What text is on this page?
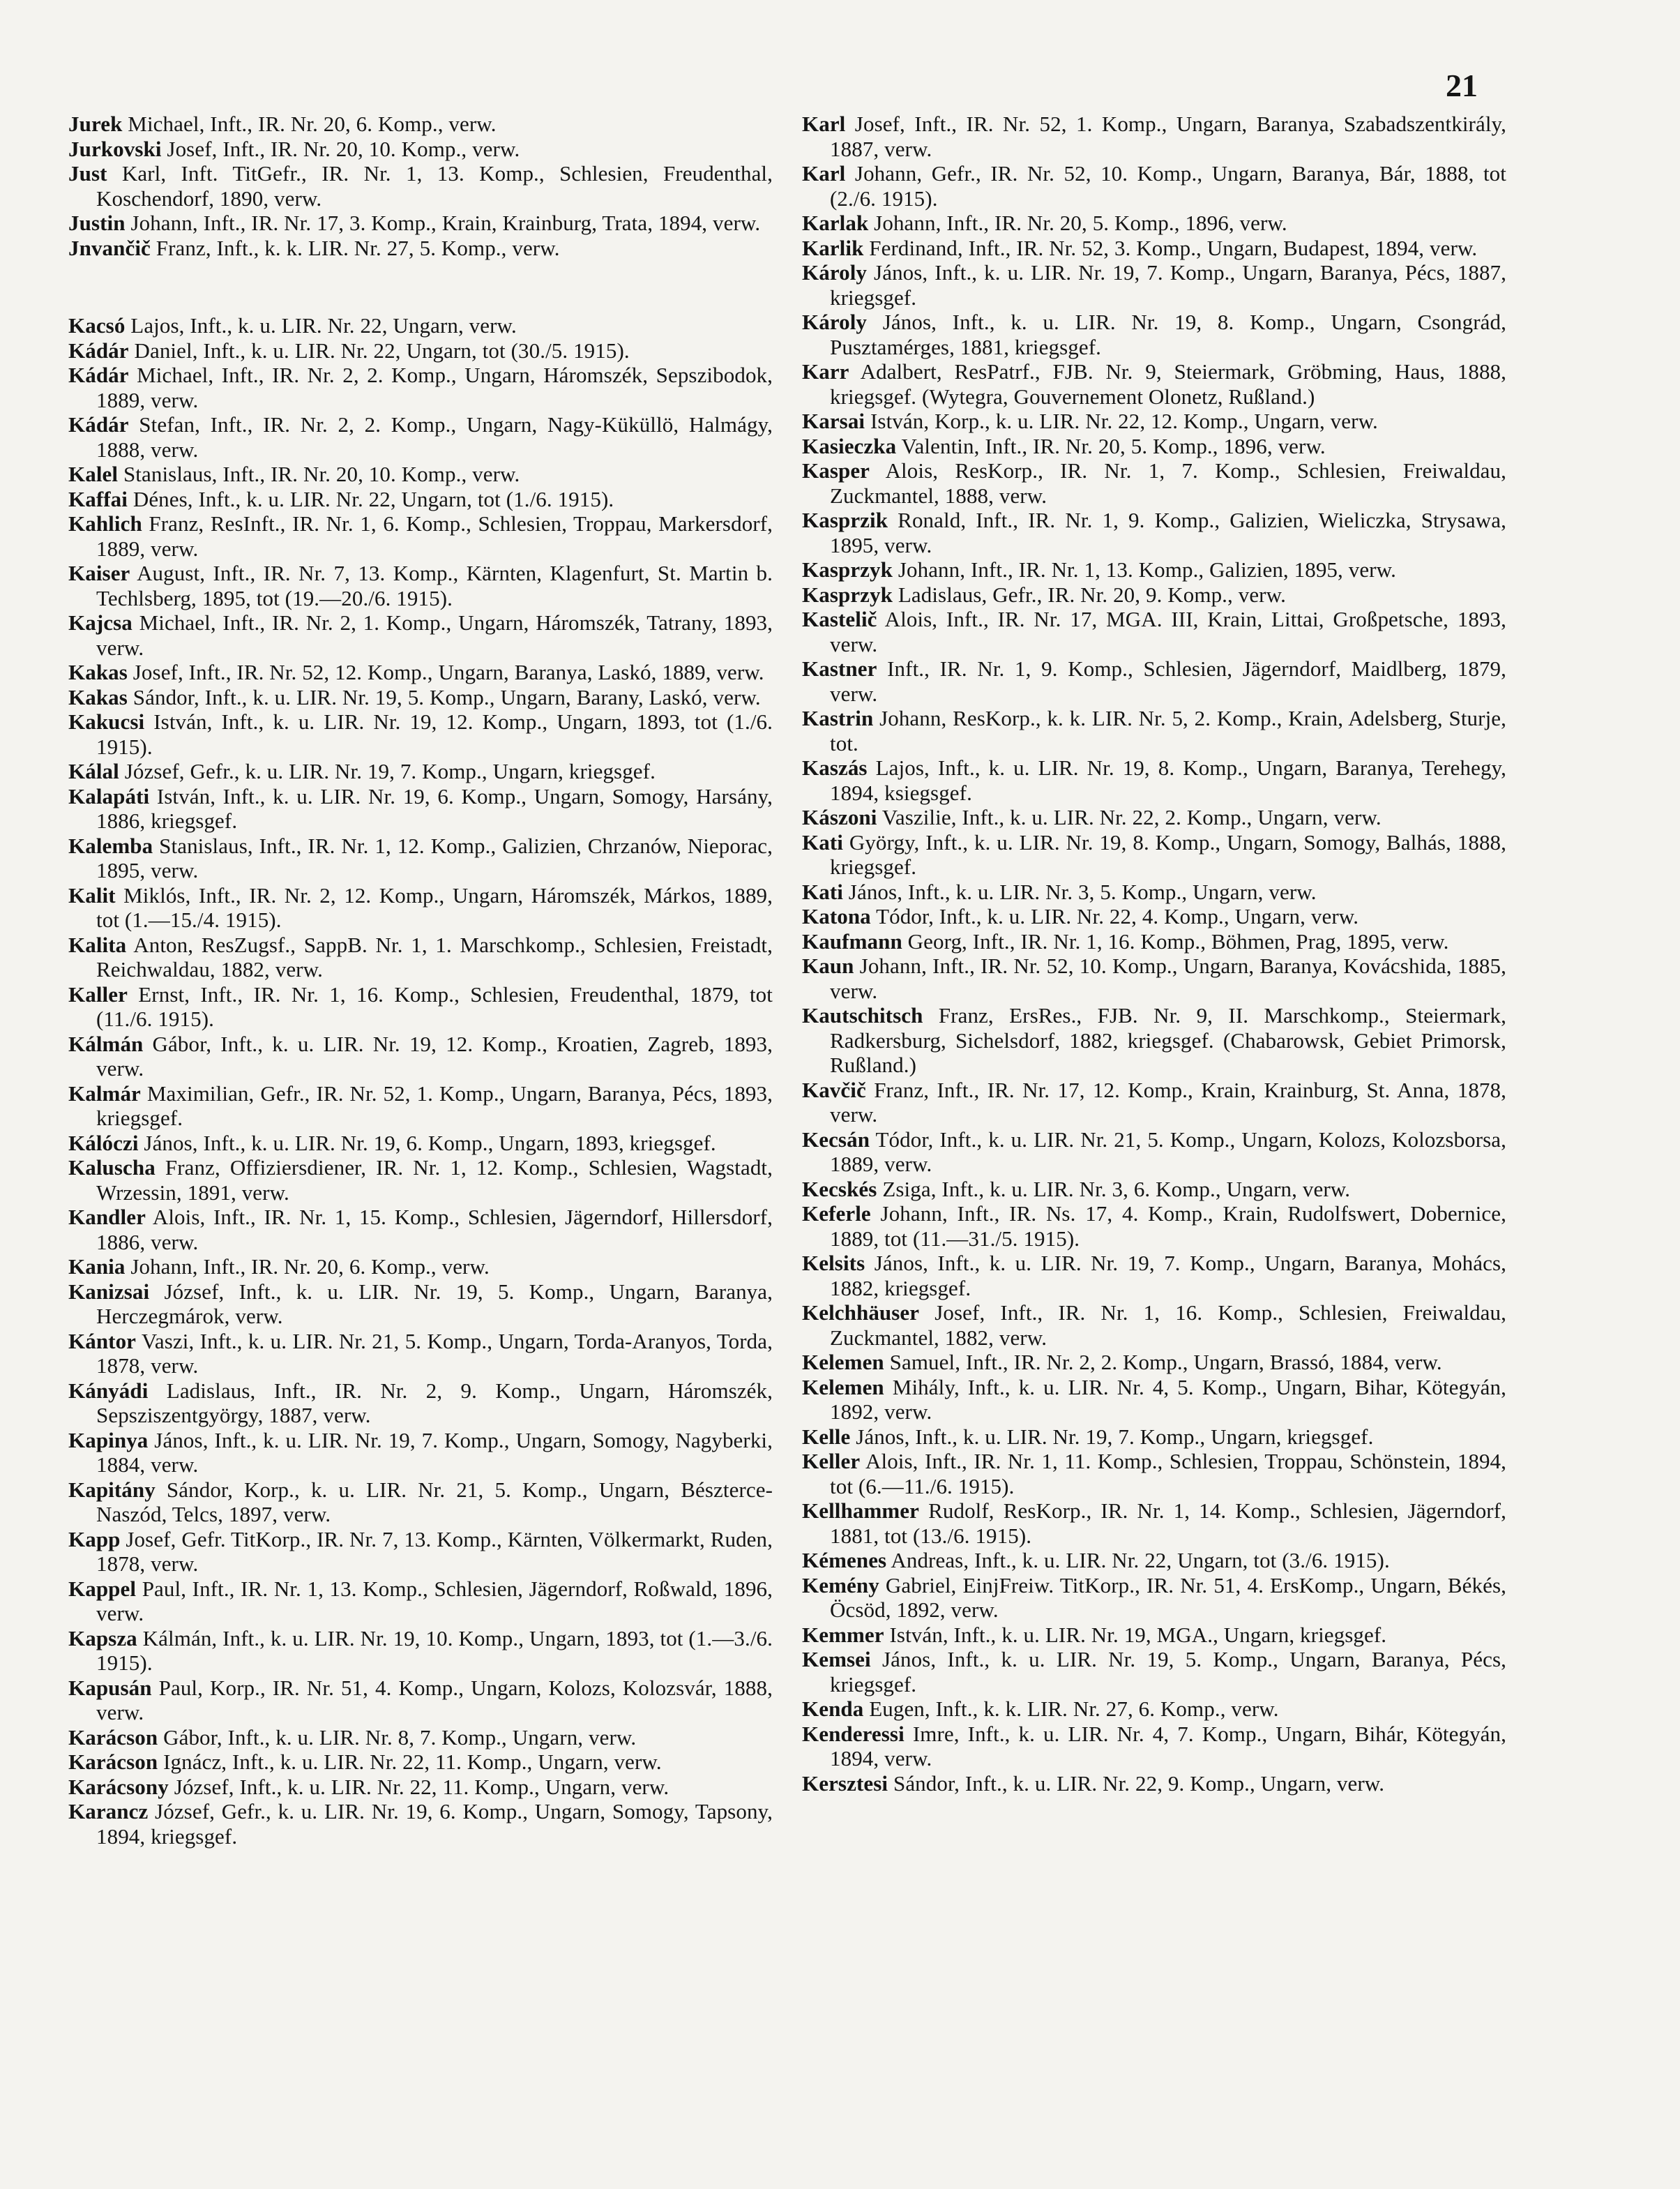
21

Jurek Michael, Inft., IR. Nr. 20, 6. Komp., verw.

Jurkovski Josef, Inft., IR. Nr. 20, 10. Komp., verw.

Just Karl, Inft. TitGefr., IR. Nr. 1, 13. Komp., Schlesien, Freudenthal, Koschendorf, 1890, verw.

Justin Johann, Inft., IR. Nr. 17, 3. Komp., Krain, Krainburg, Trata, 1894, verw.

Jnvančič Franz, Inft., k. k. LIR. Nr. 27, 5. Komp., verw.

Kacsó Lajos, Inft., k. u. LIR. Nr. 22, Ungarn, verw.

Kádár Daniel, Inft., k. u. LIR. Nr. 22, Ungarn, tot (30./5. 1915).

Kádár Michael, Inft., IR. Nr. 2, 2. Komp., Ungarn, Háromszék, Sepszibodok, 1889, verw.

Kádár Stefan, Inft., IR. Nr. 2, 2. Komp., Ungarn, Nagy-Küküllö, Halmágy, 1888, verw.

Kalel Stanislaus, Inft., IR. Nr. 20, 10. Komp., verw.

Kaffai Dénes, Inft., k. u. LIR. Nr. 22, Ungarn, tot (1./6. 1915).

Kahlich Franz, ResInft., IR. Nr. 1, 6. Komp., Schlesien, Troppau, Markersdorf, 1889, verw.

Kaiser August, Inft., IR. Nr. 7, 13. Komp., Kärnten, Klagenfurt, St. Martin b. Techlsberg, 1895, tot (19.—20./6. 1915).

Kajcsa Michael, Inft., IR. Nr. 2, 1. Komp., Ungarn, Háromszék, Tatrany, 1893, verw.

Kakas Josef, Inft., IR. Nr. 52, 12. Komp., Ungarn, Baranya, Laskó, 1889, verw.

Kakas Sándor, Inft., k. u. LIR. Nr. 19, 5. Komp., Ungarn, Barany, Laskó, verw.

Kakucsi István, Inft., k. u. LIR. Nr. 19, 12. Komp., Ungarn, 1893, tot (1./6. 1915).

Kálal József, Gefr., k. u. LIR. Nr. 19, 7. Komp., Ungarn, kriegsgef.

Kalapáti István, Inft., k. u. LIR. Nr. 19, 6. Komp., Ungarn, Somogy, Harsány, 1886, kriegsgef.

Kalemba Stanislaus, Inft., IR. Nr. 1, 12. Komp., Galizien, Chrzanów, Nieporac, 1895, verw.

Kalit Miklós, Inft., IR. Nr. 2, 12. Komp., Ungarn, Háromszék, Márkos, 1889, tot (1.—15./4. 1915).

Kalita Anton, ResZugsf., SappB. Nr. 1, 1. Marschkomp., Schlesien, Freistadt, Reichwaldau, 1882, verw.

Kaller Ernst, Inft., IR. Nr. 1, 16. Komp., Schlesien, Freudenthal, 1879, tot (11./6. 1915).

Kálmán Gábor, Inft., k. u. LIR. Nr. 19, 12. Komp., Kroatien, Zagreb, 1893, verw.

Kalmár Maximilian, Gefr., IR. Nr. 52, 1. Komp., Ungarn, Baranya, Pécs, 1893, kriegsgef.

Kálóczi János, Inft., k. u. LIR. Nr. 19, 6. Komp., Ungarn, 1893, kriegsgef.

Kaluscha Franz, Offiziersdiener, IR. Nr. 1, 12. Komp., Schlesien, Wagstadt, Wrzessin, 1891, verw.

Kandler Alois, Inft., IR. Nr. 1, 15. Komp., Schlesien, Jägerndorf, Hillersdorf, 1886, verw.

Kania Johann, Inft., IR. Nr. 20, 6. Komp., verw.

Kanizsai József, Inft., k. u. LIR. Nr. 19, 5. Komp., Ungarn, Baranya, Herczegmárok, verw.

Kántor Vaszi, Inft., k. u. LIR. Nr. 21, 5. Komp., Ungarn, Torda-Aranyos, Torda, 1878, verw.

Kányádi Ladislaus, Inft., IR. Nr. 2, 9. Komp., Ungarn, Háromszék, Sepsziszentgyörgy, 1887, verw.

Kapinya János, Inft., k. u. LIR. Nr. 19, 7. Komp., Ungarn, Somogy, Nagyberki, 1884, verw.

Kapitány Sándor, Korp., k. u. LIR. Nr. 21, 5. Komp., Ungarn, Bészterce-Naszód, Telcs, 1897, verw.

Kapp Josef, Gefr. TitKorp., IR. Nr. 7, 13. Komp., Kärnten, Völkermarkt, Ruden, 1878, verw.

Kappel Paul, Inft., IR. Nr. 1, 13. Komp., Schlesien, Jägerndorf, Roßwald, 1896, verw.

Kapsza Kálmán, Inft., k. u. LIR. Nr. 19, 10. Komp., Ungarn, 1893, tot (1.—3./6. 1915).

Kapusán Paul, Korp., IR. Nr. 51, 4. Komp., Ungarn, Kolozs, Kolozsvár, 1888, verw.

Karácson Gábor, Inft., k. u. LIR. Nr. 8, 7. Komp., Ungarn, verw.

Karácson Ignácz, Inft., k. u. LIR. Nr. 22, 11. Komp., Ungarn, verw.

Karácsony József, Inft., k. u. LIR. Nr. 22, 11. Komp., Ungarn, verw.

Karancz József, Gefr., k. u. LIR. Nr. 19, 6. Komp., Ungarn, Somogy, Tapsony, 1894, kriegsgef.

Karl Josef, Inft., IR. Nr. 52, 1. Komp., Ungarn, Baranya, Szabadszentkirály, 1887, verw.

Karl Johann, Gefr., IR. Nr. 52, 10. Komp., Ungarn, Baranya, Bár, 1888, tot (2./6. 1915).

Karlak Johann, Inft., IR. Nr. 20, 5. Komp., 1896, verw.

Karlik Ferdinand, Inft., IR. Nr. 52, 3. Komp., Ungarn, Budapest, 1894, verw.

Károly János, Inft., k. u. LIR. Nr. 19, 7. Komp., Ungarn, Baranya, Pécs, 1887, kriegsgef.

Károly János, Inft., k. u. LIR. Nr. 19, 8. Komp., Ungarn, Csongrád, Pusztamérges, 1881, kriegsgef.

Karr Adalbert, ResPatrf., FJB. Nr. 9, Steiermark, Gröbming, Haus, 1888, kriegsgef. (Wytegra, Gouvernement Olonetz, Rußland.)

Karsai István, Korp., k. u. LIR. Nr. 22, 12. Komp., Ungarn, verw.

Kasieczka Valentin, Inft., IR. Nr. 20, 5. Komp., 1896, verw.

Kasper Alois, ResKorp., IR. Nr. 1, 7. Komp., Schlesien, Freiwaldau, Zuckmantel, 1888, verw.

Kasprzik Ronald, Inft., IR. Nr. 1, 9. Komp., Galizien, Wieliczka, Strysawa, 1895, verw.

Kasprzyk Johann, Inft., IR. Nr. 1, 13. Komp., Galizien, 1895, verw.

Kasprzyk Ladislaus, Gefr., IR. Nr. 20, 9. Komp., verw.

Kastelič Alois, Inft., IR. Nr. 17, MGA. III, Krain, Littai, Großpetsche, 1893, verw.

Kastner Inft., IR. Nr. 1, 9. Komp., Schlesien, Jägerndorf, Maidlberg, 1879, verw.

Kastrin Johann, ResKorp., k. k. LIR. Nr. 5, 2. Komp., Krain, Adelsberg, Sturje, tot.

Kaszás Lajos, Inft., k. u. LIR. Nr. 19, 8. Komp., Ungarn, Baranya, Terehegy, 1894, ksiegsgef.

Kászoni Vaszilie, Inft., k. u. LIR. Nr. 22, 2. Komp., Ungarn, verw.

Kati György, Inft., k. u. LIR. Nr. 19, 8. Komp., Ungarn, Somogy, Balhás, 1888, kriegsgef.

Kati János, Inft., k. u. LIR. Nr. 3, 5. Komp., Ungarn, verw.

Katona Tódor, Inft., k. u. LIR. Nr. 22, 4. Komp., Ungarn, verw.

Kaufmann Georg, Inft., IR. Nr. 1, 16. Komp., Böhmen, Prag, 1895, verw.

Kaun Johann, Inft., IR. Nr. 52, 10. Komp., Ungarn, Baranya, Kovácshida, 1885, verw.

Kautschitsch Franz, ErsRes., FJB. Nr. 9, II. Marschkomp., Steiermark, Radkersburg, Sichelsdorf, 1882, kriegsgef. (Chabarowsk, Gebiet Primorsk, Rußland.)

Kavčič Franz, Inft., IR. Nr. 17, 12. Komp., Krain, Krainburg, St. Anna, 1878, verw.

Kecsán Tódor, Inft., k. u. LIR. Nr. 21, 5. Komp., Ungarn, Kolozs, Kolozsborsa, 1889, verw.

Kecskés Zsiga, Inft., k. u. LIR. Nr. 3, 6. Komp., Ungarn, verw.

Keferle Johann, Inft., IR. Ns. 17, 4. Komp., Krain, Rudolfswert, Dobernice, 1889, tot (11.—31./5. 1915).

Kelsits János, Inft., k. u. LIR. Nr. 19, 7. Komp., Ungarn, Baranya, Mohács, 1882, kriegsgef.

Kelchhäuser Josef, Inft., IR. Nr. 1, 16. Komp., Schlesien, Freiwaldau, Zuckmantel, 1882, verw.

Kelemen Samuel, Inft., IR. Nr. 2, 2. Komp., Ungarn, Brassó, 1884, verw.

Kelemen Mihály, Inft., k. u. LIR. Nr. 4, 5. Komp., Ungarn, Bihar, Kötegyán, 1892, verw.

Kelle János, Inft., k. u. LIR. Nr. 19, 7. Komp., Ungarn, kriegsgef.

Keller Alois, Inft., IR. Nr. 1, 11. Komp., Schlesien, Troppau, Schönstein, 1894, tot (6.—11./6. 1915).

Kellhammer Rudolf, ResKorp., IR. Nr. 1, 14. Komp., Schlesien, Jägerndorf, 1881, tot (13./6. 1915).

Kémenes Andreas, Inft., k. u. LIR. Nr. 22, Ungarn, tot (3./6. 1915).

Kemény Gabriel, EinjFreiw. TitKorp., IR. Nr. 51, 4. ErsKomp., Ungarn, Békés, Öcsöd, 1892, verw.

Kemmer István, Inft., k. u. LIR. Nr. 19, MGA., Ungarn, kriegsgef.

Kemsei János, Inft., k. u. LIR. Nr. 19, 5. Komp., Ungarn, Baranya, Pécs, kriegsgef.

Kenda Eugen, Inft., k. k. LIR. Nr. 27, 6. Komp., verw.

Kenderessi Imre, Inft., k. u. LIR. Nr. 4, 7. Komp., Ungarn, Bihár, Kötegyán, 1894, verw.

Kersztesi Sándor, Inft., k. u. LIR. Nr. 22, 9. Komp., Ungarn, verw.
